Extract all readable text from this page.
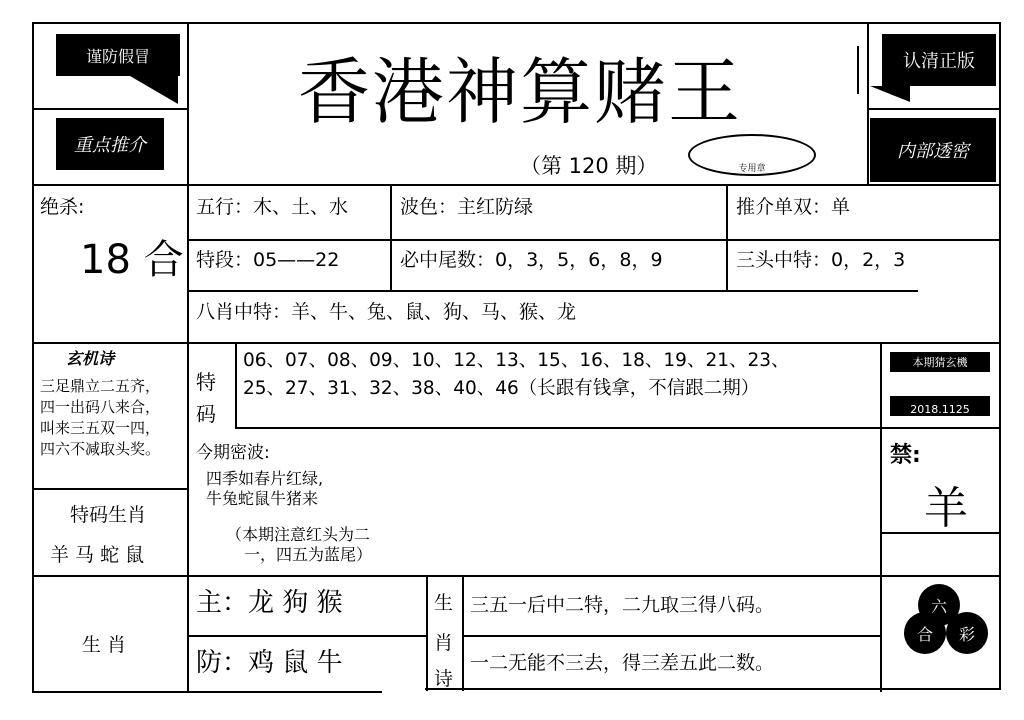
谨防假冒
重点推介
香港神算赌王
（第 120 期）	专用章
认清正版
内部透密
绝杀:
18 合
五行：木、土、水	波色：主红防绿	推介单双：单
特段：05——22	必中尾数：0，3，5，6，8，9	三头中特：0，2，3
八肖中特：羊、牛、兔、鼠、狗、马、猴、龙
玄机诗
三足鼎立二五齐，
四一出码八来合，
叫来三五双一四，
四六不减取头奖。
特
码
06、07、08、09、10、12、13、15、16、18、19、21、23、
25、27、31、32、38、40、46（长跟有钱拿，不信跟二期）
本期猜玄機
2018.1125
今期密波:
四季如春片红绿,
牛兔蛇鼠牛猪来
（本期注意红头为二
一，四五为蓝尾）
禁:
羊
特码生肖
羊 马 蛇 鼠
生 肖
主：龙 狗 猴
防：鸡 鼠 牛
生
肖
诗
三五一后中二特，二九取三得八码。
一二无能不三去，得三差五此二数。
六
合	彩
